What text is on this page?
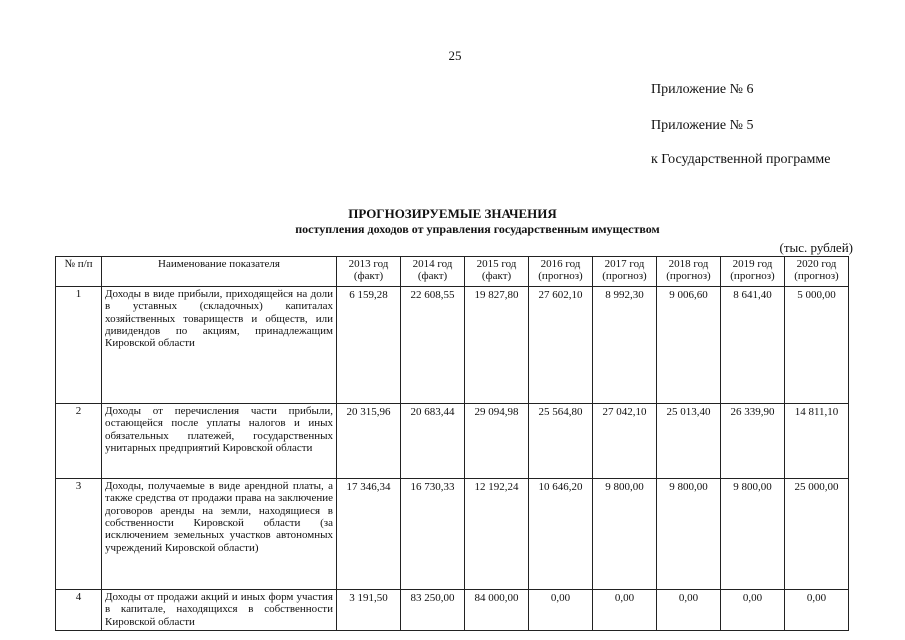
25
Приложение № 6
Приложение № 5
к Государственной программе
ПРОГНОЗИРУЕМЫЕ ЗНАЧЕНИЯ
поступления доходов от управления государственным имуществом
(тыс. рублей)
№ п/п	Наименование показателя	2013 год (факт)	2014 год (факт)	2015 год (факт)	2016 год (прогноз)	2017 год (прогноз)	2018 год (прогноз)	2019 год (прогноз)	2020 год (прогноз)
1	Доходы в виде прибыли, приходящейся на доли в уставных (складочных) капиталах хозяйственных товариществ и обществ, или дивидендов по акциям, принадлежащим Кировской области	6 159,28	22 608,55	19 827,80	27 602,10	8 992,30	9 006,60	8 641,40	5 000,00
2	Доходы от перечисления части прибыли, остающейся после уплаты налогов и иных обязательных платежей, государственных унитарных предприятий Кировской области	20 315,96	20 683,44	29 094,98	25 564,80	27 042,10	25 013,40	26 339,90	14 811,10
3	Доходы, получаемые в виде арендной платы, а также средства от продажи права на заключение договоров аренды на земли, находящиеся в собственности Кировской области (за исключением земельных участков автономных учреждений Кировской области)	17 346,34	16 730,33	12 192,24	10 646,20	9 800,00	9 800,00	9 800,00	25 000,00
4	Доходы от продажи акций и иных форм участия в капитале, находящихся в собственности Кировской области	3 191,50	83 250,00	84 000,00	0,00	0,00	0,00	0,00	0,00
